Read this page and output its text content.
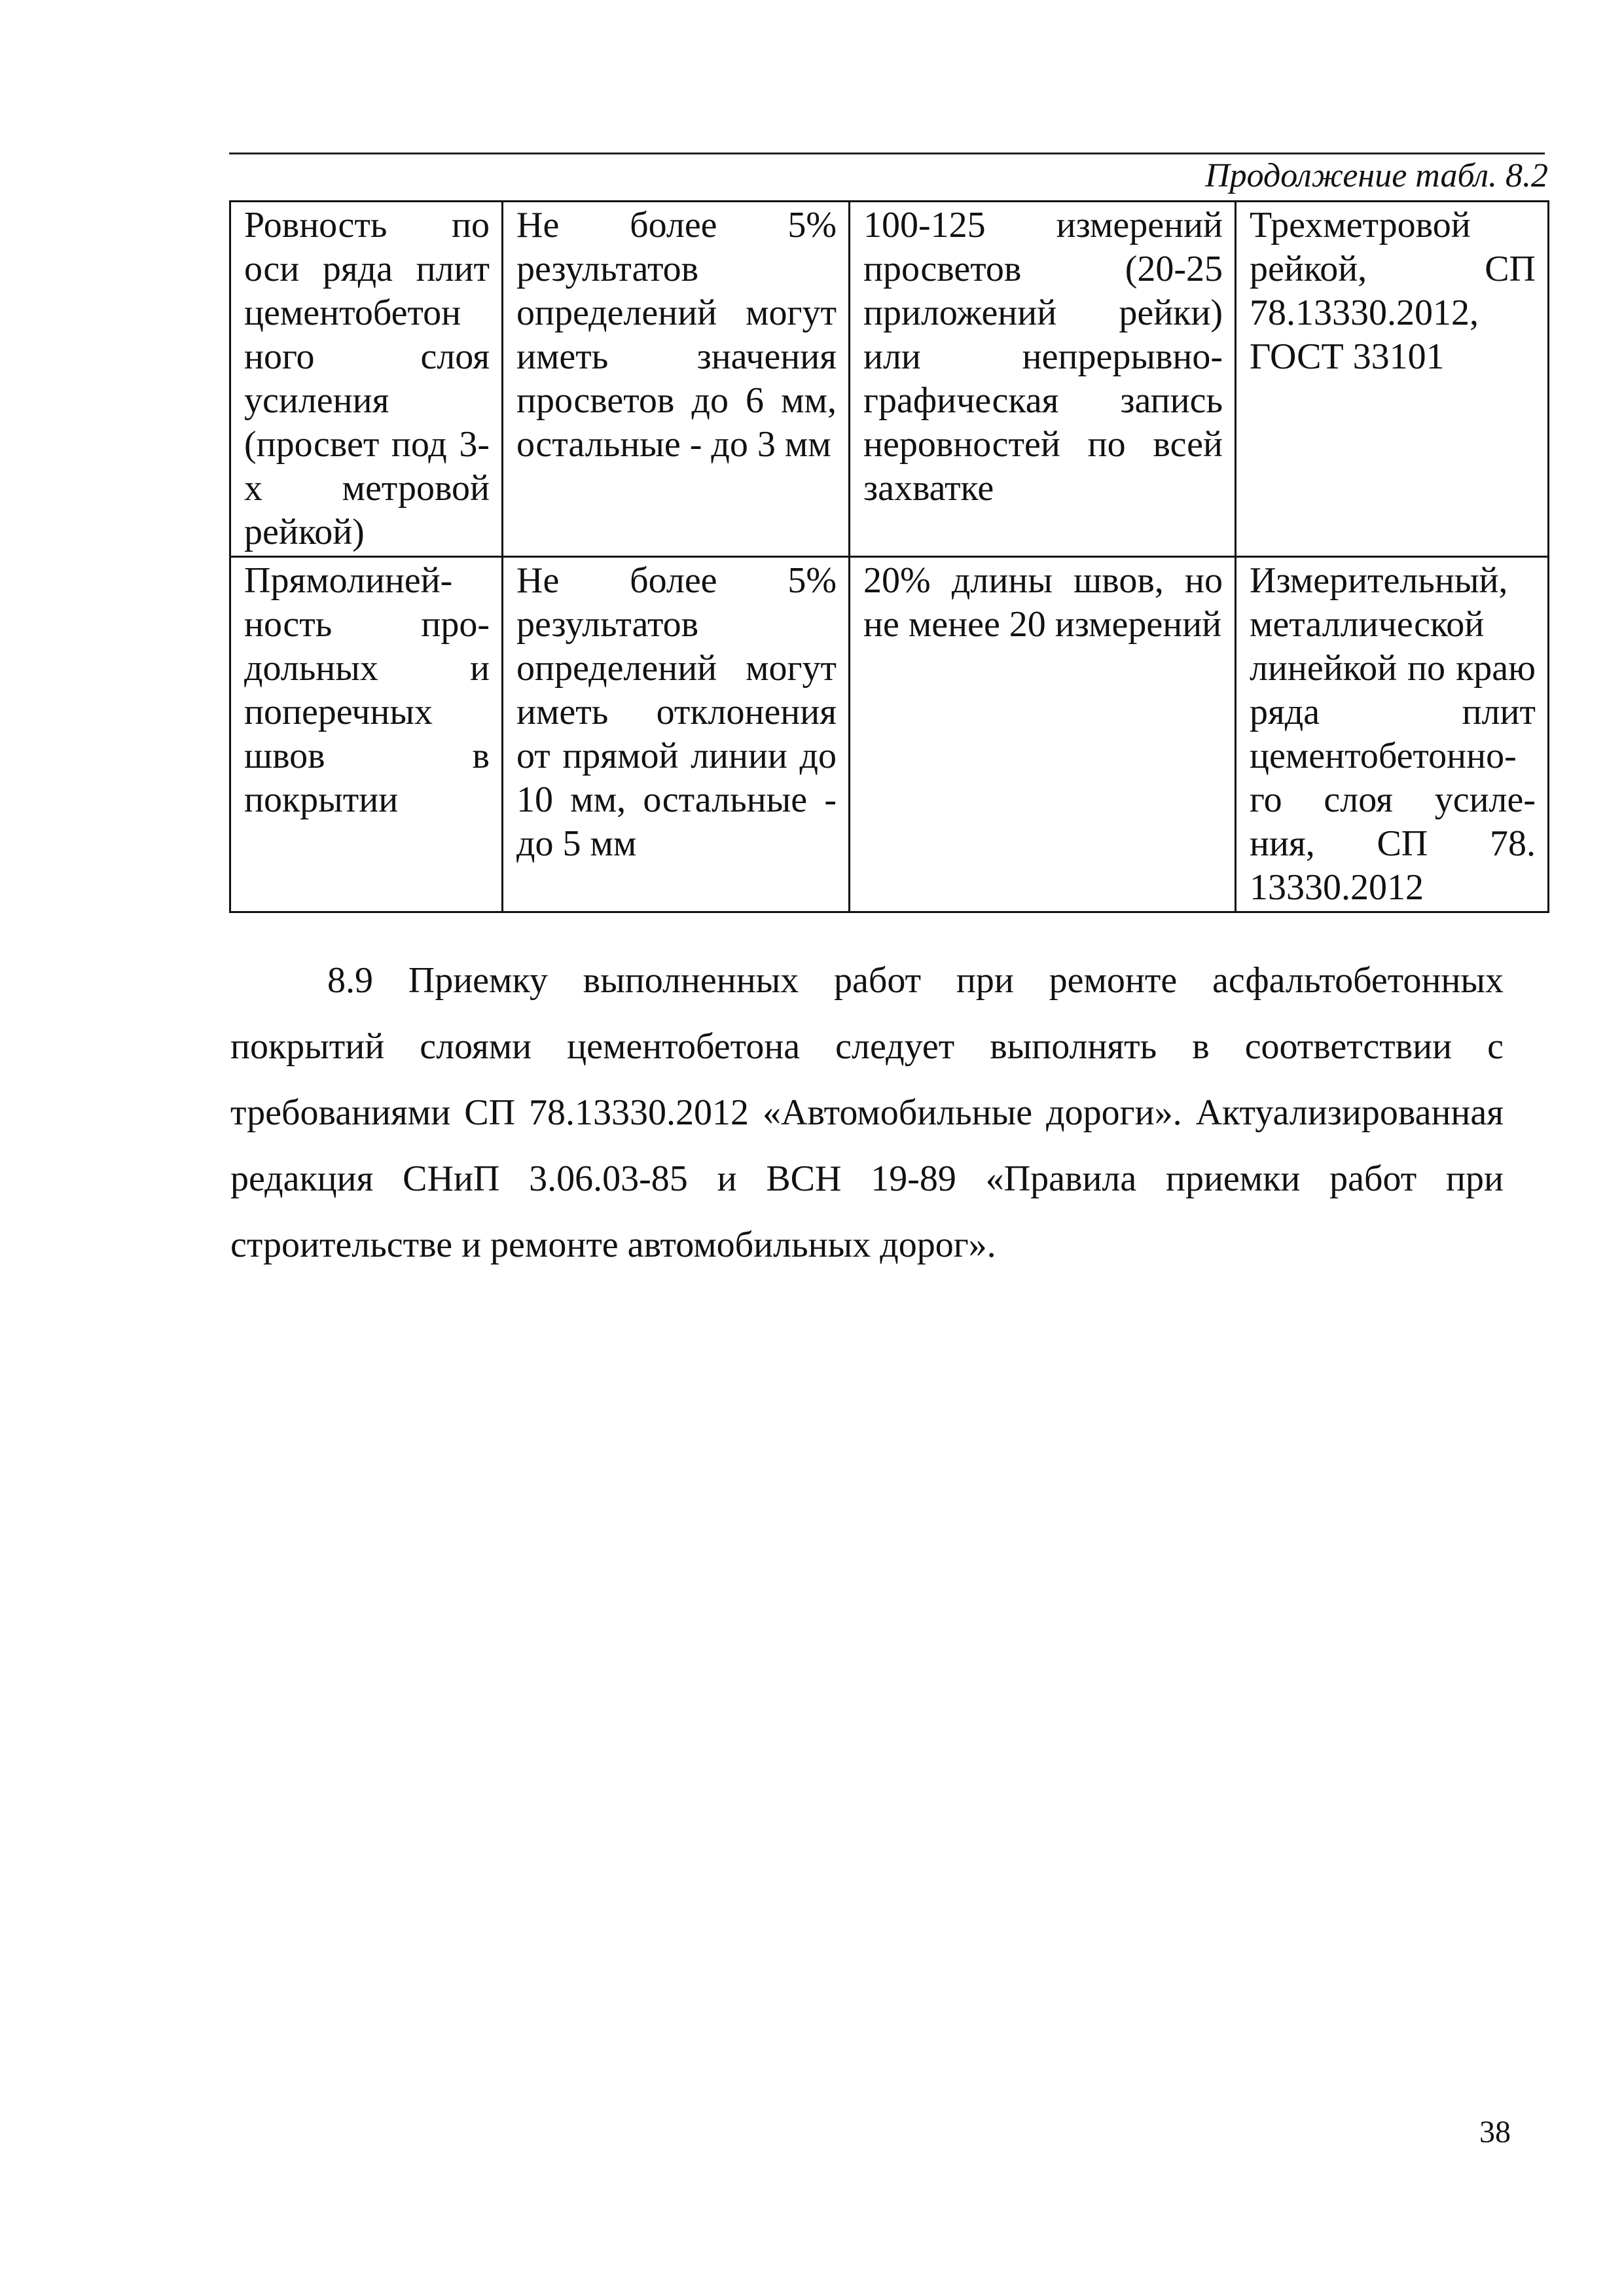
Продолжение табл. 8.2
Ровность по оси ряда плит цементобетон ного слоя усиления (просвет под 3-х метровой рейкой)	Не более 5% результатов определений могут иметь значения просветов до 6 мм, остальные - до 3 мм	100-125 измерений просветов (20-25 приложений рейки) или непрерывно-графическая запись неровностей по всей захватке	Трехметровой рейкой, СП 78.13330.2012, ГОСТ 33101

Прямолиней-ность про-дольных и поперечных швов в покрытии	Не более 5% результатов определений могут иметь отклонения от прямой линии до 10 мм, остальные - до 5 мм	20% длины швов, но не менее 20 измерений	Измерительный, металлической линейкой по краю ряда плит цементобетонно-го слоя усиле-ния, СП 78. 13330.2012

8.9 Приемку выполненных работ при ремонте асфальтобетонных покрытий слоями цементобетона следует выполнять в соответствии с требованиями СП 78.13330.2012 «Автомобильные дороги». Актуализированная редакция СНиП 3.06.03-85 и ВСН 19-89 «Правила приемки работ при строительстве и ремонте автомобильных дорог».

38
